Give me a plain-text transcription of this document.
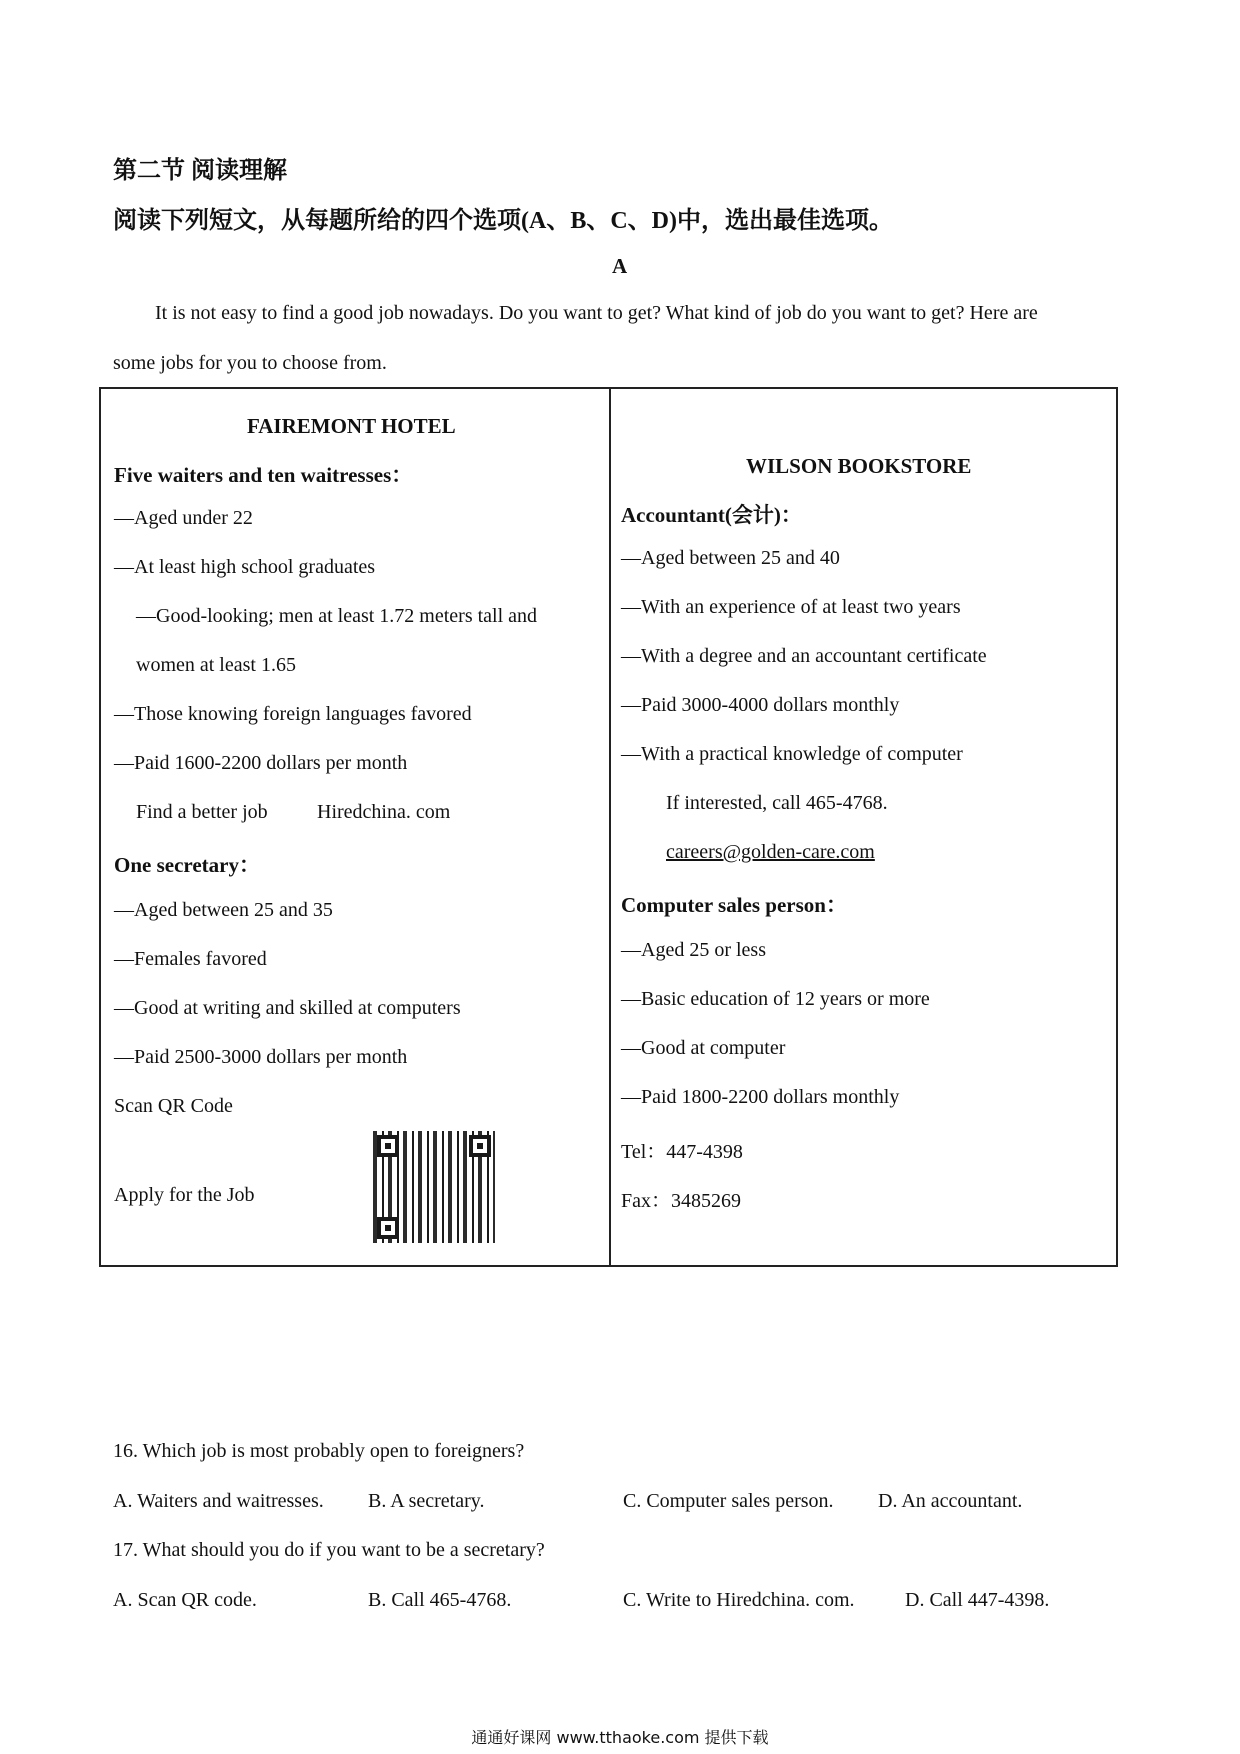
第二节 阅读理解
阅读下列短文，从每题所给的四个选项(A、B、C、D)中，选出最佳选项。
A
It is not easy to find a good job nowadays. Do you want to get? What kind of job do you want to get? Here are
some jobs for you to choose from.
FAIREMONT HOTEL
Five waiters and ten waitresses：
—Aged under 22
—At least high school graduates
—Good-looking; men at least 1.72 meters tall and
women at least 1.65
—Those knowing foreign languages favored
—Paid 1600-2200 dollars per month
Find a better job Hiredchina. com
One secretary：
—Aged between 25 and 35
—Females favored
—Good at writing and skilled at computers
—Paid 2500-3000 dollars per month
Scan QR Code
Apply for the Job
WILSON BOOKSTORE
Accountant(会计)：
—Aged between 25 and 40
—With an experience of at least two years
—With a degree and an accountant certificate
—Paid 3000-4000 dollars monthly
—With a practical knowledge of computer
If interested, call 465-4768.
careers@golden-care.com
Computer sales person：
—Aged 25 or less
—Basic education of 12 years or more
—Good at computer
—Paid 1800-2200 dollars monthly
Tel：447-4398
Fax：3485269
16. Which job is most probably open to foreigners?
A. Waiters and waitresses. B. A secretary.	C. Computer sales person. D. An accountant.
17. What should you do if you want to be a secretary?
A. Scan QR code.	B. Call 465-4768.	C. Write to Hiredchina. com.	D. Call 447-4398.
通通好课网 www.tthaoke.com 提供下载
